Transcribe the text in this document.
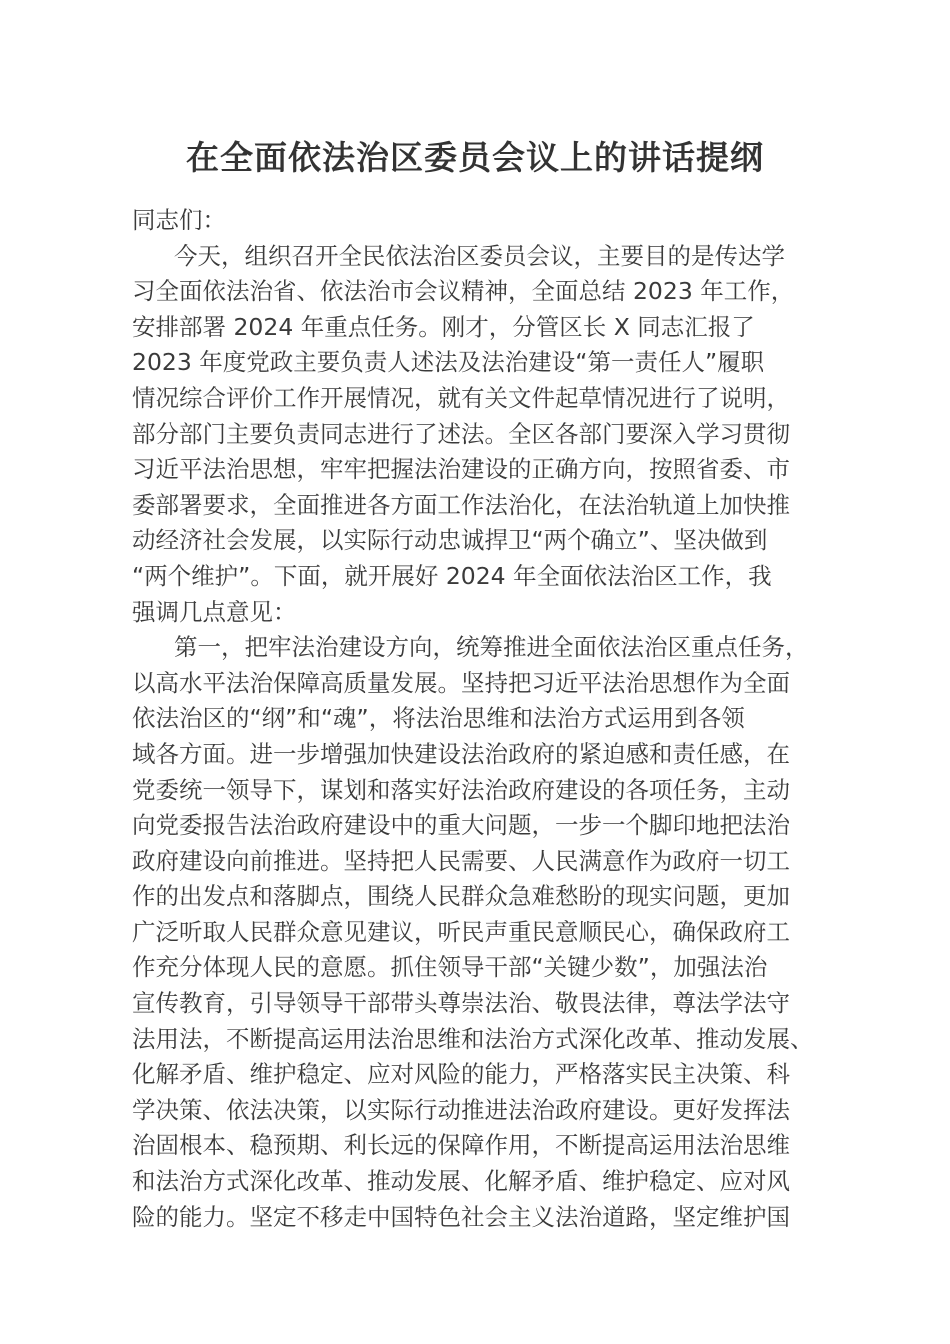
在全面依法治区委员会议上的讲话提纲
同志们：
今天，组织召开全民依法治区委员会议，主要目的是传达学
习全面依法治省、依法治市会议精神，全面总结 2023 年工作，
安排部署 2024 年重点任务。刚才，分管区长 X 同志汇报了
2023 年度党政主要负责人述法及法治建设“第一责任人”履职
情况综合评价工作开展情况，就有关文件起草情况进行了说明，
部分部门主要负责同志进行了述法。全区各部门要深入学习贯彻
习近平法治思想，牢牢把握法治建设的正确方向，按照省委、市
委部署要求，全面推进各方面工作法治化，在法治轨道上加快推
动经济社会发展，以实际行动忠诚捍卫“两个确立”、坚决做到
“两个维护”。下面，就开展好 2024 年全面依法治区工作，我
强调几点意见：
第一，把牢法治建设方向，统筹推进全面依法治区重点任务，
以高水平法治保障高质量发展。坚持把习近平法治思想作为全面
依法治区的“纲”和“魂”，将法治思维和法治方式运用到各领
域各方面。进一步增强加快建设法治政府的紧迫感和责任感，在
党委统一领导下，谋划和落实好法治政府建设的各项任务，主动
向党委报告法治政府建设中的重大问题，一步一个脚印地把法治
政府建设向前推进。坚持把人民需要、人民满意作为政府一切工
作的出发点和落脚点，围绕人民群众急难愁盼的现实问题，更加
广泛听取人民群众意见建议，听民声重民意顺民心，确保政府工
作充分体现人民的意愿。抓住领导干部“关键少数”，加强法治
宣传教育，引导领导干部带头尊崇法治、敬畏法律，尊法学法守
法用法，不断提高运用法治思维和法治方式深化改革、推动发展、
化解矛盾、维护稳定、应对风险的能力，严格落实民主决策、科
学决策、依法决策，以实际行动推进法治政府建设。更好发挥法
治固根本、稳预期、利长远的保障作用，不断提高运用法治思维
和法治方式深化改革、推动发展、化解矛盾、维护稳定、应对风
险的能力。坚定不移走中国特色社会主义法治道路，坚定维护国
